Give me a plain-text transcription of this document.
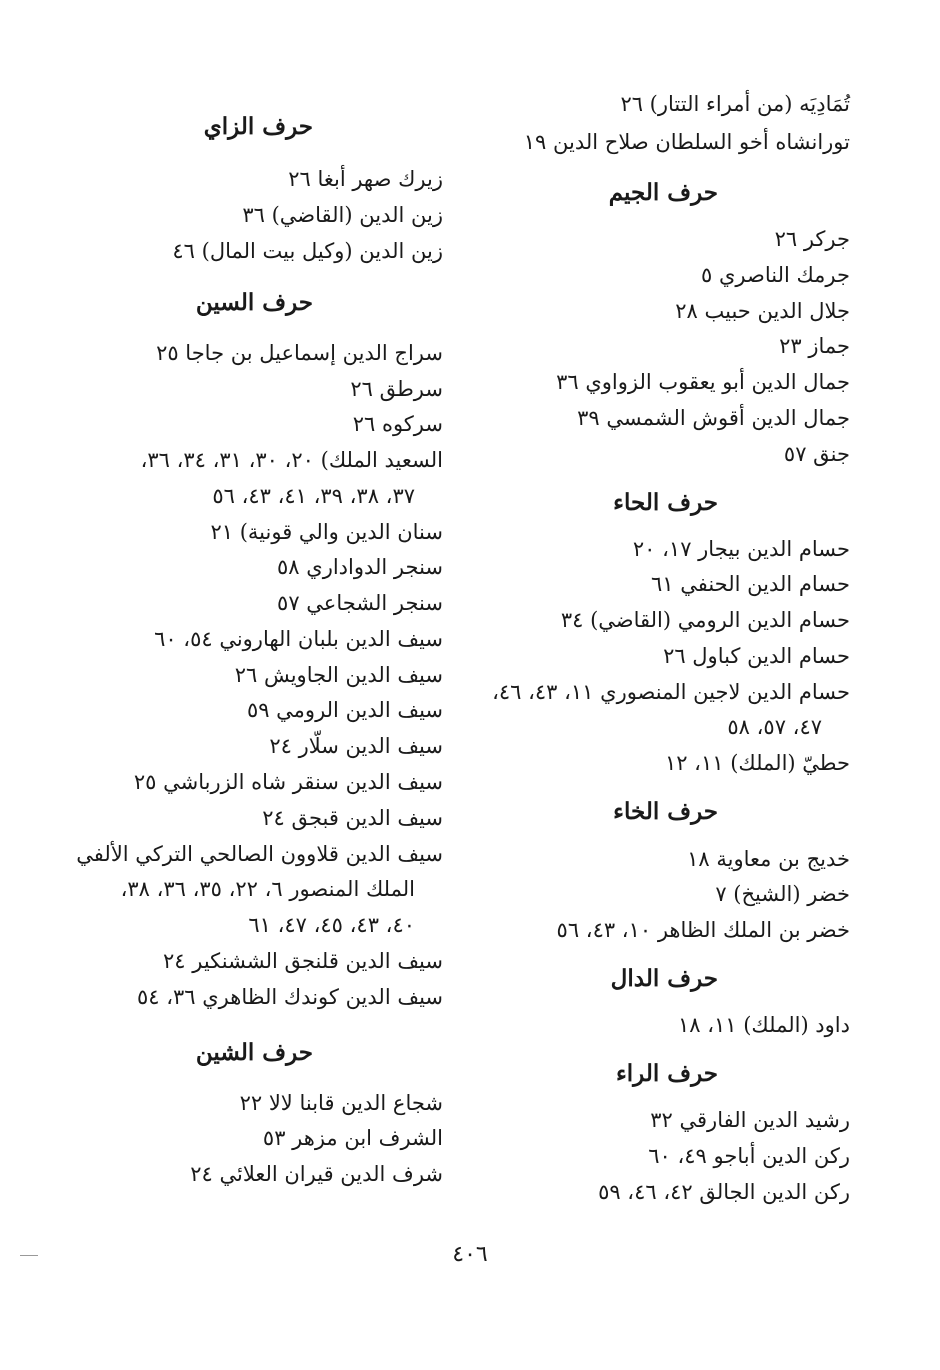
تُمَادِيَه (من أمراء التتار) ٢٦
تورانشاه أخو السلطان صلاح الدين ١٩
حرف الجيم
جركر ٢٦
جرمك الناصري ٥
جلال الدين حبيب ٢٨
جماز ٢٣
جمال الدين أبو يعقوب الزواوي ٣٦
جمال الدين أقوش الشمسي ٣٩
جنق ٥٧
حرف الحاء
حسام الدين بيجار ١٧، ٢٠
حسام الدين الحنفي ٦١
حسام الدين الرومي (القاضي) ٣٤
حسام الدين كباول ٢٦
حسام الدين لاجين المنصوري ١١، ٤٣، ٤٦،
٤٧، ٥٧، ٥٨
حطيّ (الملك) ١١، ١٢
حرف الخاء
خديج بن معاوية ١٨
خضر (الشيخ) ٧
خضر بن الملك الظاهر ١٠، ٤٣، ٥٦
حرف الدال
داود (الملك) ١١، ١٨
حرف الراء
رشيد الدين الفارقي ٣٢
ركن الدين أباجو ٤٩، ٦٠
ركن الدين الجالق ٤٢، ٤٦، ٥٩
حرف الزاي
زيرك صهر أبغا ٢٦
زين الدين (القاضي) ٣٦
زين الدين (وكيل بيت المال) ٤٦
حرف السين
سراج الدين إسماعيل بن جاجا ٢٥
سرطق ٢٦
سركوه ٢٦
السعيد الملك) ٢٠، ٣٠، ٣١، ٣٤، ٣٦،
٣٧، ٣٨، ٣٩، ٤١، ٤٣، ٥٦
سنان الدين والي قونية) ٢١
سنجر الدواداري ٥٨
سنجر الشجاعي ٥٧
سيف الدين بلبان الهاروني ٥٤، ٦٠
سيف الدين الجاويش ٢٦
سيف الدين الرومي ٥٩
سيف الدين سلّار ٢٤
سيف الدين سنقر شاه الزرباشي ٢٥
سيف الدين قبجق ٢٤
سيف الدين قلاوون الصالحي التركي الألفي
الملك المنصور ٦، ٢٢، ٣٥، ٣٦، ٣٨،
٤٠، ٤٣، ٤٥، ٤٧، ٦١
سيف الدين قلنجق الششنكير ٢٤
سيف الدين كوندك الظاهري ٣٦، ٥٤
حرف الشين
شجاع الدين قابنا لالا ٢٢
الشرف ابن مزهر ٥٣
شرف الدين قيران العلائي ٢٤
٤٠٦
